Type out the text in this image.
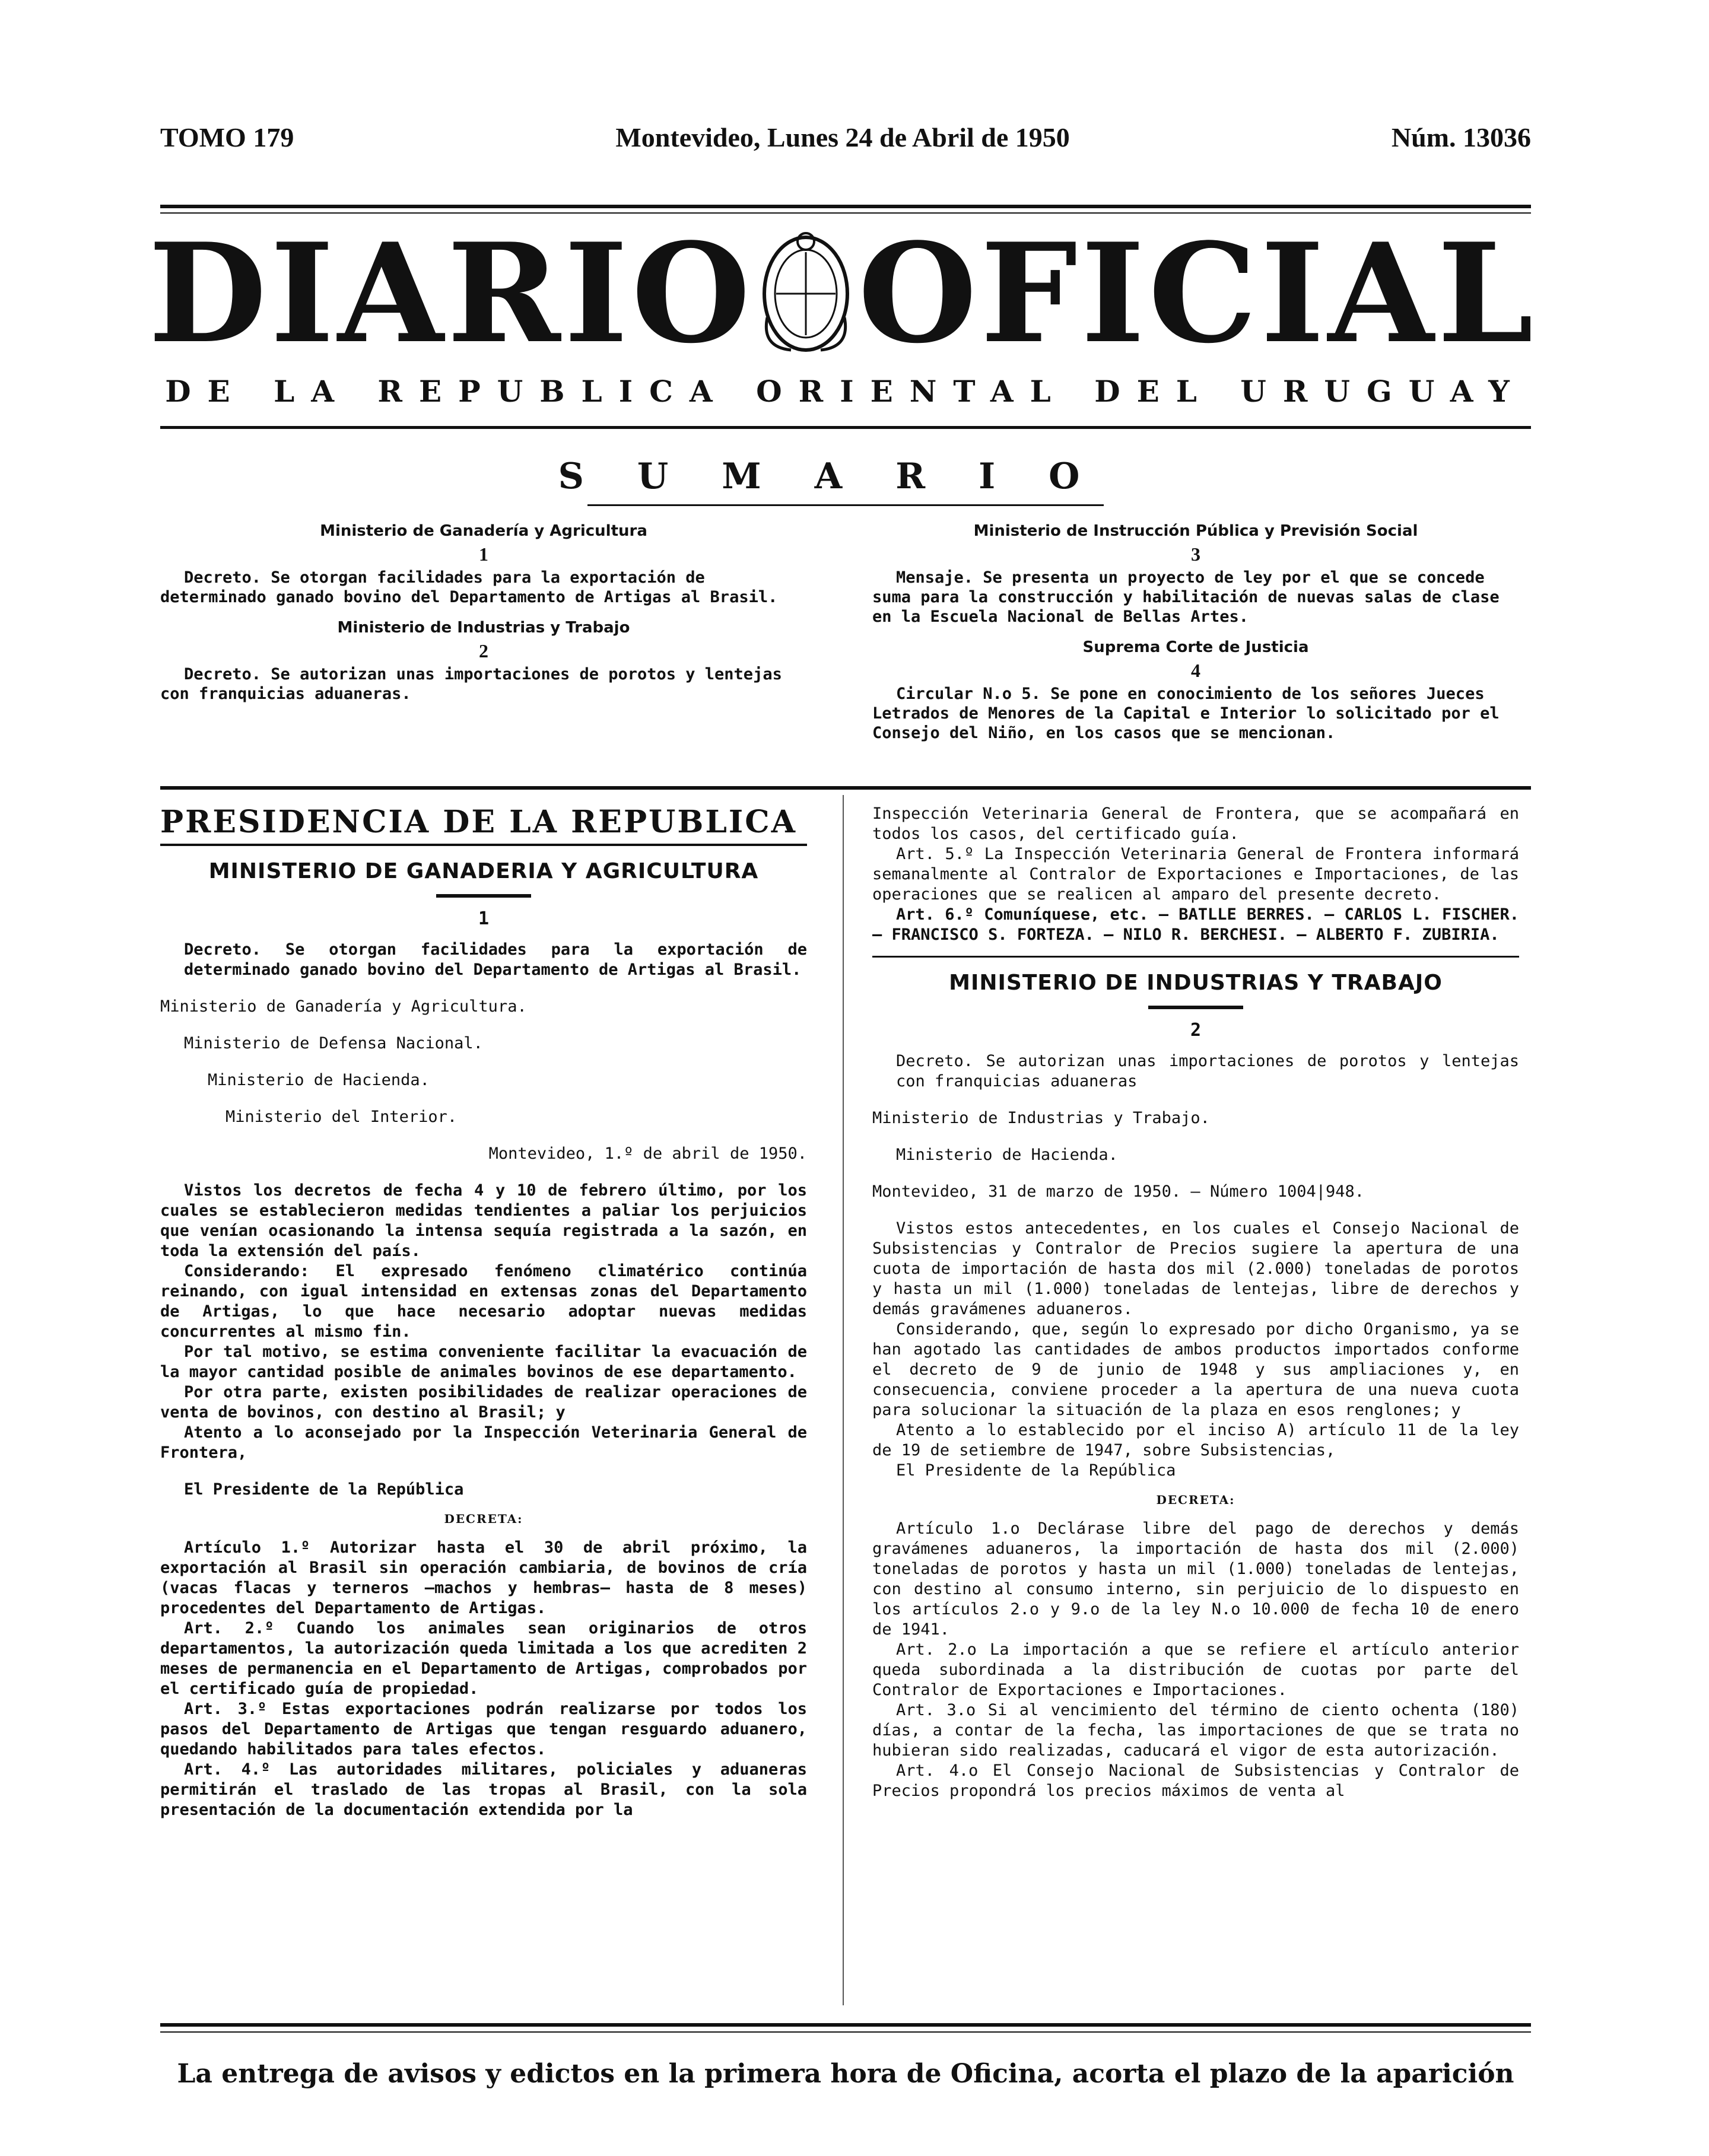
TOMO 179	Montevideo, Lunes 24 de Abril de 1950	Núm. 13036
DIARIO OFICIAL
DE LA REPUBLICA ORIENTAL DEL URUGUAY
SUMARIO
Ministerio de Ganadería y Agricultura
1

Decreto. Se otorgan facilidades para la exportación de determinado ganado bovino del Departamento de Artigas al Brasil.

Ministerio de Industrias y Trabajo
2

Decreto. Se autorizan unas importaciones de porotos y lentejas con franquicias aduaneras.

Ministerio de Instrucción Pública y Previsión Social
3

Mensaje. Se presenta un proyecto de ley por el que se concede suma para la construcción y habilitación de nuevas salas de clase en la Escuela Nacional de Bellas Artes.

Suprema Corte de Justicia
4

Circular N.o 5. Se pone en conocimiento de los señores Jueces Letrados de Menores de la Capital e Interior lo solicitado por el Consejo del Niño, en los casos que se mencionan.

PRESIDENCIA DE LA REPUBLICA
MINISTERIO DE GANADERIA Y AGRICULTURA
1

Decreto. Se otorgan facilidades para la exportación de determinado ganado bovino del Departamento de Artigas al Brasil.

Ministerio de Ganadería y Agricultura.

Ministerio de Defensa Nacional.

Ministerio de Hacienda.

Ministerio del Interior.

Montevideo, 1.º de abril de 1950.

Vistos los decretos de fecha 4 y 10 de febrero último, por los cuales se establecieron medidas tendientes a paliar los perjuicios que venían ocasionando la intensa sequía registrada a la sazón, en toda la extensión del país.

Considerando: El expresado fenómeno climatérico continúa reinando, con igual intensidad en extensas zonas del Departamento de Artigas, lo que hace necesario adoptar nuevas medidas concurrentes al mismo fin.

Por tal motivo, se estima conveniente facilitar la evacuación de la mayor cantidad posible de animales bovinos de ese departamento.

Por otra parte, existen posibilidades de realizar operaciones de venta de bovinos, con destino al Brasil; y

Atento a lo aconsejado por la Inspección Veterinaria General de Frontera,

El Presidente de la República

DECRETA:

Artículo 1.º Autorizar hasta el 30 de abril próximo, la exportación al Brasil sin operación cambiaria, de bovinos de cría (vacas flacas y terneros —machos y hembras— hasta de 8 meses) procedentes del Departamento de Artigas.

Art. 2.º Cuando los animales sean originarios de otros departamentos, la autorización queda limitada a los que acrediten 2 meses de permanencia en el Departamento de Artigas, comprobados por el certificado guía de propiedad.

Art. 3.º Estas exportaciones podrán realizarse por todos los pasos del Departamento de Artigas que tengan resguardo aduanero, quedando habilitados para tales efectos.

Art. 4.º Las autoridades militares, policiales y aduaneras permitirán el traslado de las tropas al Brasil, con la sola presentación de la documentación extendida por la

Inspección Veterinaria General de Frontera, que se acompañará en todos los casos, del certificado guía.

Art. 5.º La Inspección Veterinaria General de Frontera informará semanalmente al Contralor de Exportaciones e Importaciones, de las operaciones que se realicen al amparo del presente decreto.

Art. 6.º Comuníquese, etc. — BATLLE BERRES. — CARLOS L. FISCHER. — FRANCISCO S. FORTEZA. — NILO R. BERCHESI. — ALBERTO F. ZUBIRIA.

MINISTERIO DE INDUSTRIAS Y TRABAJO
2

Decreto. Se autorizan unas importaciones de porotos y lentejas con franquicias aduaneras

Ministerio de Industrias y Trabajo.

Ministerio de Hacienda.

Montevideo, 31 de marzo de 1950. — Número 1004|948.

Vistos estos antecedentes, en los cuales el Consejo Nacional de Subsistencias y Contralor de Precios sugiere la apertura de una cuota de importación de hasta dos mil (2.000) toneladas de porotos y hasta un mil (1.000) toneladas de lentejas, libre de derechos y demás gravámenes aduaneros.

Considerando, que, según lo expresado por dicho Organismo, ya se han agotado las cantidades de ambos productos importados conforme el decreto de 9 de junio de 1948 y sus ampliaciones y, en consecuencia, conviene proceder a la apertura de una nueva cuota para solucionar la situación de la plaza en esos renglones; y

Atento a lo establecido por el inciso A) artículo 11 de la ley de 19 de setiembre de 1947, sobre Subsistencias,

El Presidente de la República

DECRETA:

Artículo 1.o Declárase libre del pago de derechos y demás gravámenes aduaneros, la importación de hasta dos mil (2.000) toneladas de porotos y hasta un mil (1.000) toneladas de lentejas, con destino al consumo interno, sin perjuicio de lo dispuesto en los artículos 2.o y 9.o de la ley N.o 10.000 de fecha 10 de enero de 1941.

Art. 2.o La importación a que se refiere el artículo anterior queda subordinada a la distribución de cuotas por parte del Contralor de Exportaciones e Importaciones.

Art. 3.o Si al vencimiento del término de ciento ochenta (180) días, a contar de la fecha, las importaciones de que se trata no hubieran sido realizadas, caducará el vigor de esta autorización.

Art. 4.o El Consejo Nacional de Subsistencias y Contralor de Precios propondrá los precios máximos de venta al

La entrega de avisos y edictos en la primera hora de Oficina, acorta el plazo de la aparición
